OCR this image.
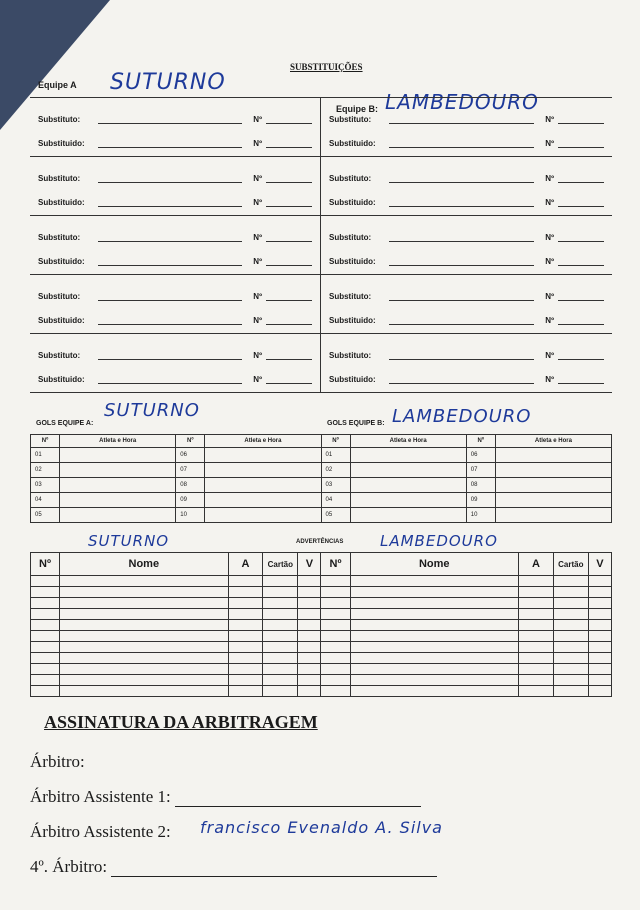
SUBSTITUIÇÕES
Equipe A SUTURNO
Equipe B: LAMBEDOURO
Substituto:	Nº
Substituido:	Nº
Substituto:	Nº
Substituido:	Nº
Substituto:	Nº
Substituido:	Nº
Substituto:	Nº
Substituido:	Nº
Substituto:	Nº
Substituido:	Nº
Substituto:	Nº
Substituido:	Nº
Substituto:	Nº
Substituido:	Nº
Substituto:	Nº
Substituido:	Nº
Substituto:	Nº
Substituido:	Nº
Substituto:	Nº
Substituido:	Nº
SUTURNO	LAMBEDOURO
GOLS EQUIPE A:	GOLS EQUIPE B:
Nº	Atleta e Hora	Nº	Atleta e Hora	Nº	Atleta e Hora	Nº	Atleta e Hora
01		06		01		06	
02		07		02		07	
03		08		03		08	
04		09		04		09	
05		10		05		10	
SUTURNO	ADVERTÊNCIAS LAMBEDOURO
Nº	Nome	A	Cartão	V	Nº	Nome	A	Cartão	V

ASSINATURA DA ARBITRAGEM
Árbitro:
Árbitro Assistente 1:
Árbitro Assistente 2: francisco Evenaldo A. Silva
4º. Árbitro:
